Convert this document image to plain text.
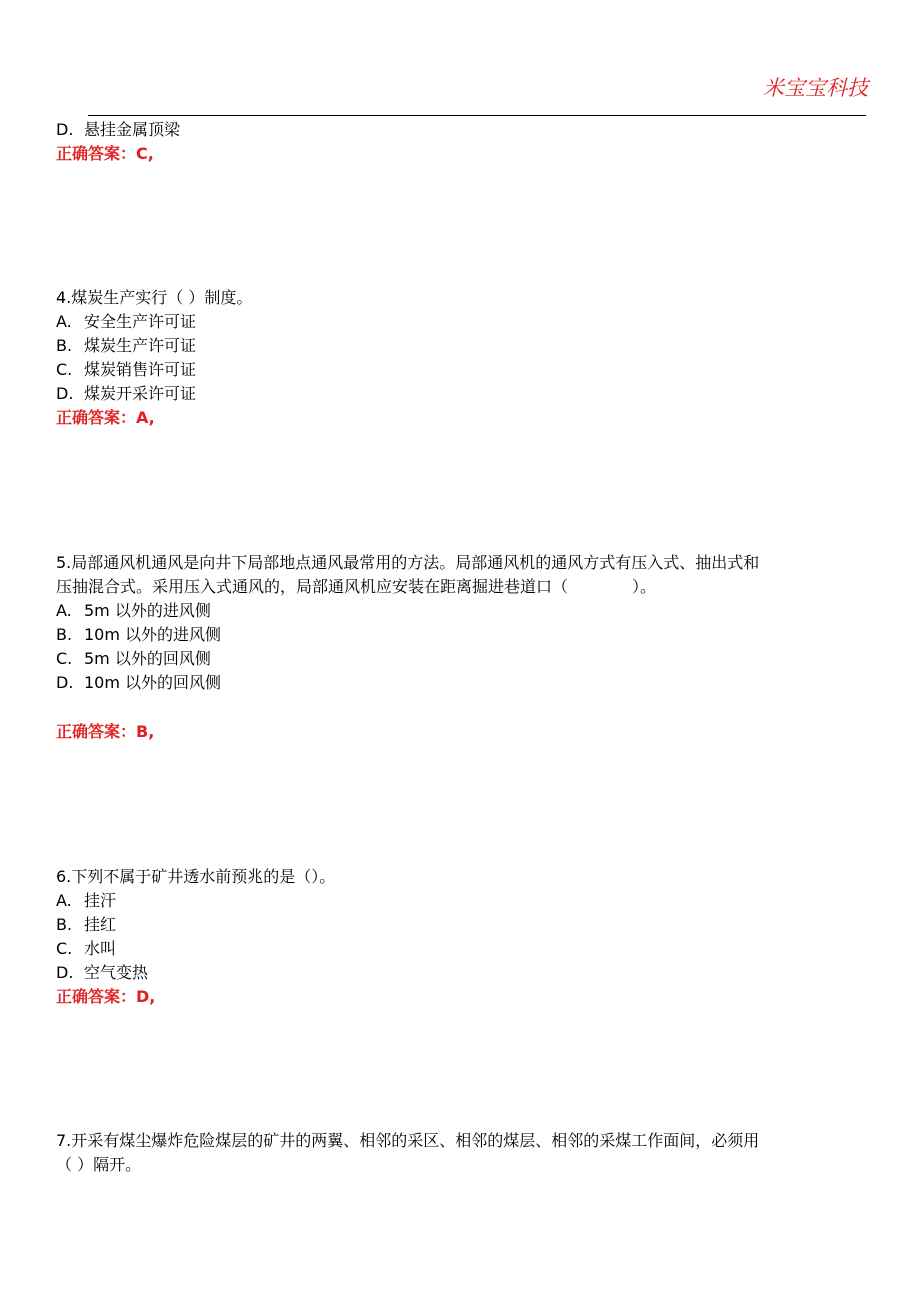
米宝宝科技
D. 悬挂金属顶梁
正确答案：C,
4.煤炭生产实行（ ）制度。
A. 安全生产许可证
B. 煤炭生产许可证
C. 煤炭销售许可证
D. 煤炭开采许可证
正确答案：A,
5.局部通风机通风是向井下局部地点通风最常用的方法。局部通风机的通风方式有压入式、抽出式和
压抽混合式。采用压入式通风的，局部通风机应安装在距离掘进巷道口（	）。
A. 5m 以外的进风侧
B. 10m 以外的进风侧
C. 5m 以外的回风侧
D. 10m 以外的回风侧
正确答案：B,
6.下列不属于矿井透水前预兆的是（）。
A. 挂汗
B. 挂红
C. 水叫
D. 空气变热
正确答案：D,
7.开采有煤尘爆炸危险煤层的矿井的两翼、相邻的采区、相邻的煤层、相邻的采煤工作面间，必须用
（ ）隔开。
